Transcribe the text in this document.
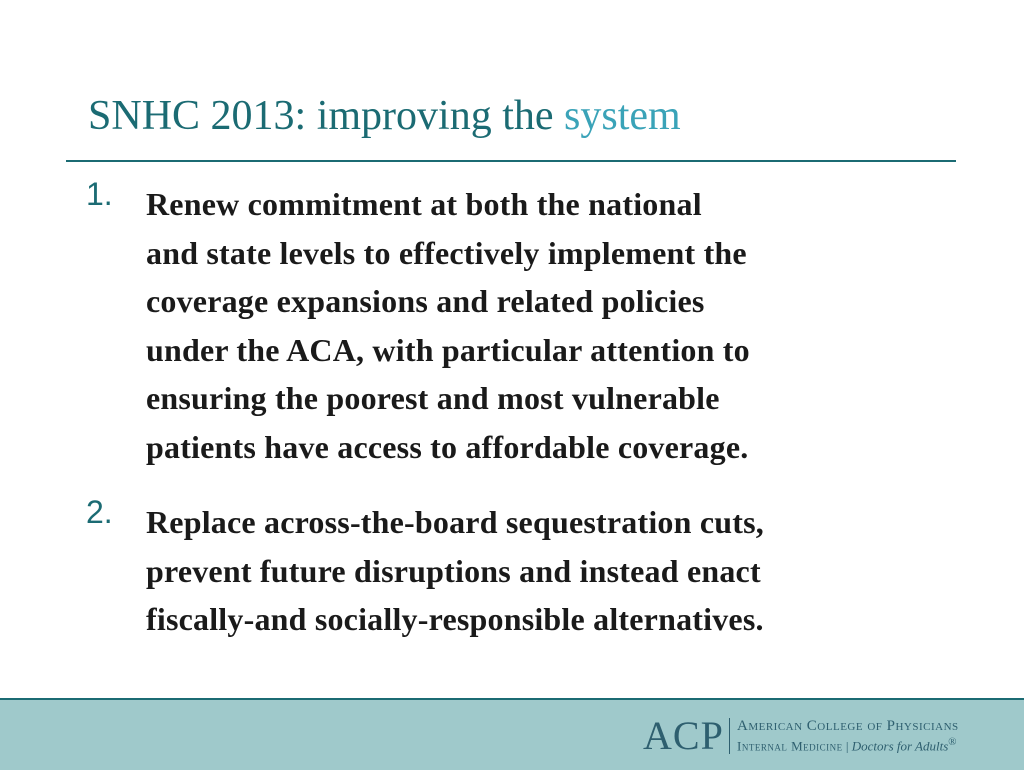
SNHC 2013: improving the system
1. Renew commitment at both the national
and state levels to effectively implement the
coverage expansions and related policies
under the ACA, with particular attention to
ensuring the poorest and most vulnerable
patients have access to affordable coverage.
2. Replace across-the-board sequestration cuts,
prevent future disruptions and instead enact
fiscally-and socially-responsible alternatives.
ACP American College of Physicians
Internal Medicine | Doctors for Adults®
